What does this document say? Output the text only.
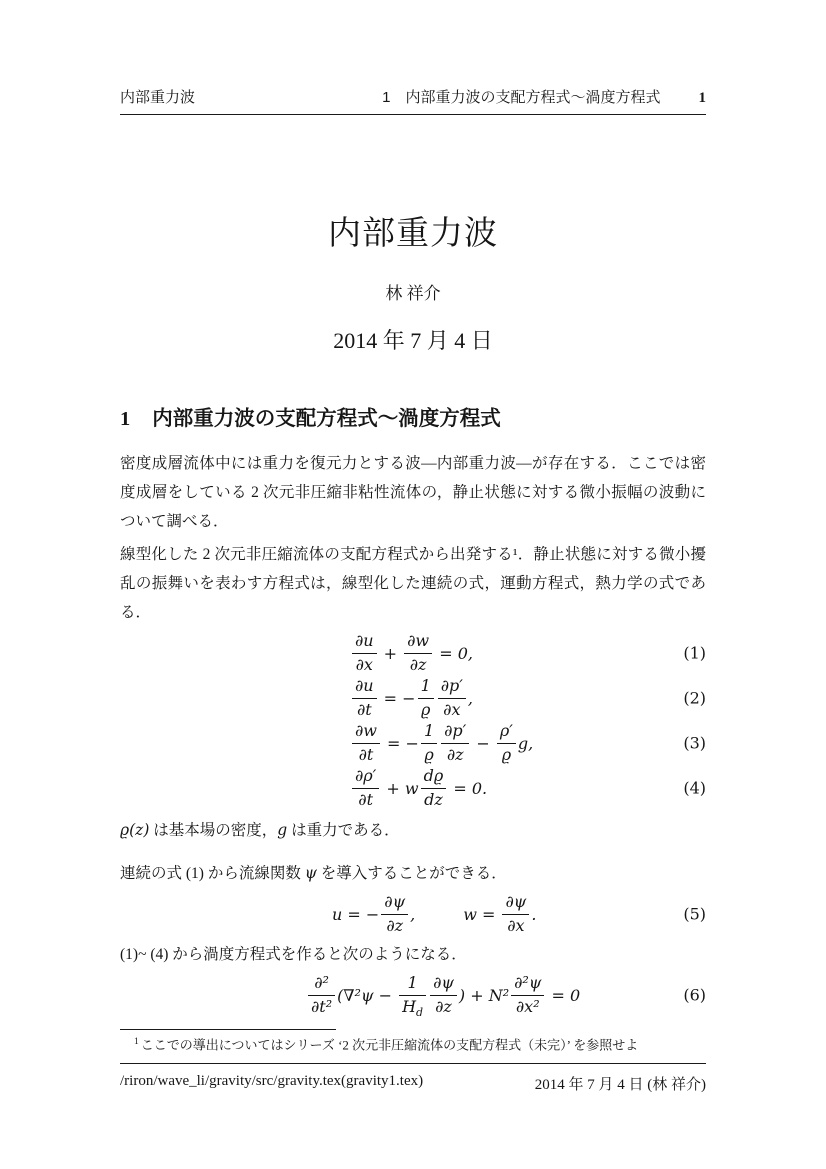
内部重力波	1　内部重力波の支配方程式～渦度方程式	1
内部重力波
林 祥介
2014 年 7 月 4 日
1 内部重力波の支配方程式～渦度方程式

密度成層流体中には重力を復元力とする波—内部重力波—が存在する．ここでは密度成層をしている 2 次元非圧縮非粘性流体の，静止状態に対する微小振幅の波動について調べる．

線型化した 2 次元非圧縮流体の支配方程式から出発する¹．静止状態に対する微小擾乱の振舞いを表わす方程式は，線型化した連続の式，運動方程式，熱力学の式である．

$\frac{\partial u}{\partial x} + \frac{\partial w}{\partial z} = 0$,	(1)
$\frac{\partial u}{\partial t}$ = − $\frac{1}{ϱ} \frac{\partial p'}{\partial x}$ ,	(2)
$\frac{\partial w}{\partial t}$ = − $\frac{1}{ϱ} \frac{\partial p'}{\partial z} - \frac{\rho'}{ϱ} g$,	(3)
$\frac{\partial\rho'}{\partial t} + w \frac{dϱ}{dz} = 0$.	(4)

ϱ(z) は基本場の密度，g は重力である．

連続の式 (1) から流線関数 ψ を導入することができる．

u = − $\frac{\partial\psi}{\partial z}$ ,   $w = \frac{\partial\psi}{\partial x}$ .	(5)

(1)~ (4) から渦度方程式を作ると次のようになる．

$\frac{\text{∂²}}{\text{∂t²}} (\nabla^2\psi - \frac{1}{H_d} \frac{\partial\psi}{\partial z}$ ) + $N^2 \frac{\text{∂²ψ}}{\text{∂x²}} = 0$	(6)
$^1$ ここでの導出についてはシリーズ ‘2 次元非圧縮流体の支配方程式（未完）’ を参照せよ
/riron/wave_li/gravity/src/gravity.tex(gravity1.tex)	2014 年 7 月 4 日 (林 祥介)
